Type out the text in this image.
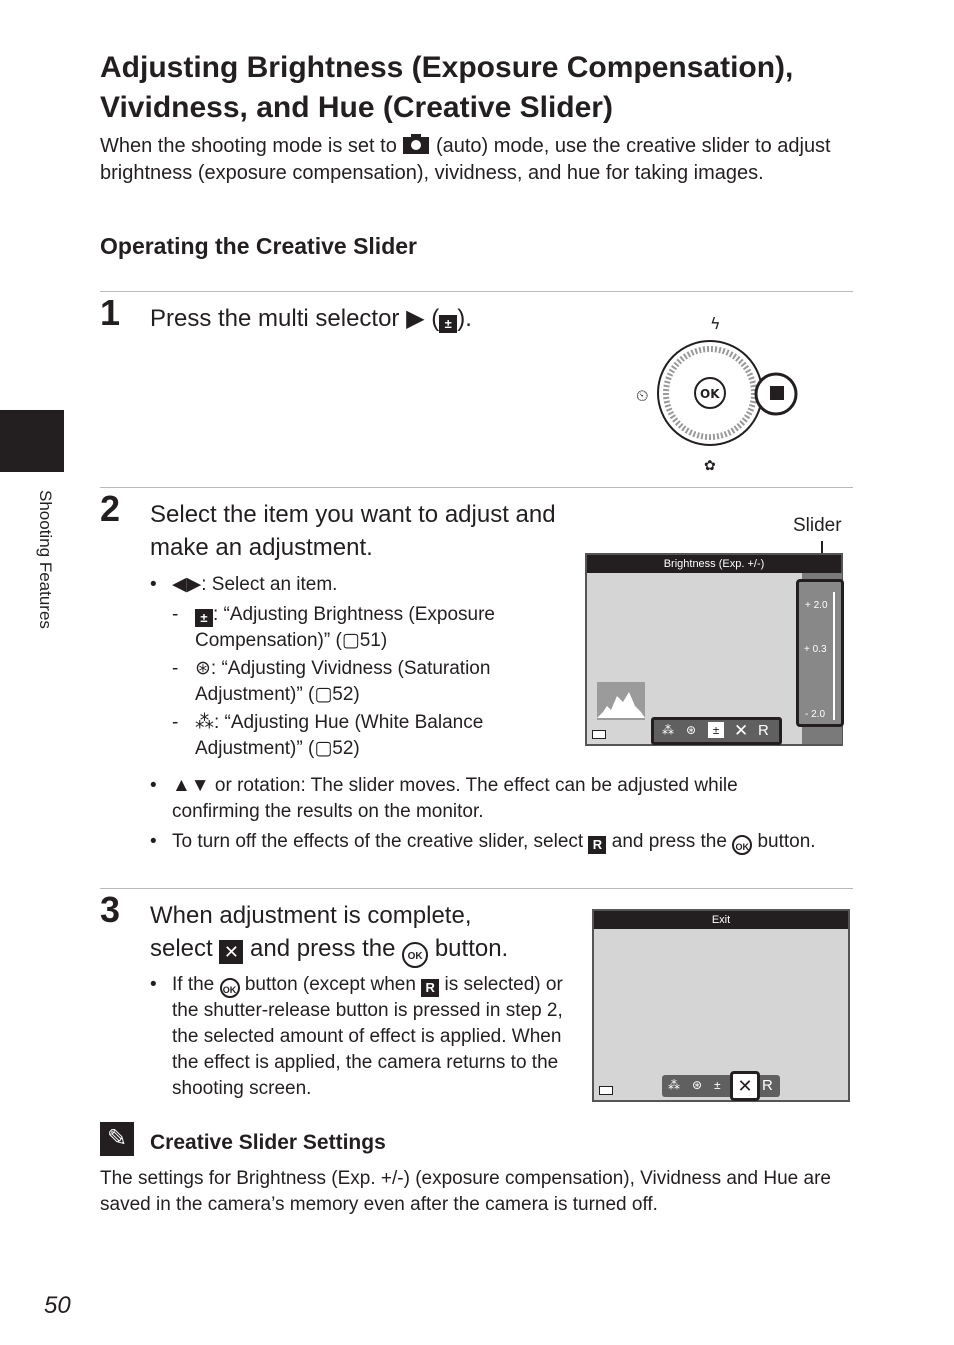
Adjusting Brightness (Exposure Compensation),
Vividness, and Hue (Creative Slider)
When the shooting mode is set to (auto) mode, use the creative slider to adjust brightness (exposure compensation), vividness, and hue for taking images.
Operating the Creative Slider
1 Press the multi selector ▶ ( ± ).	ϟ
OK
⏲
✿
2 Select the item you want to adjust and make an adjustment.
• ◀▶: Select an item.
- ± : “Adjusting Brightness (Exposure Compensation)” (▢51)
- ⊛: “Adjusting Vividness (Saturation Adjustment)” (▢52)
- ⁂: “Adjusting Hue (White Balance Adjustment)” (▢52)
Slider
Brightness (Exp. +/-)
+ 2.0
+ 0.3
- 2.0
⁂ ⊛	± ✕ R
• ▲▼ or rotation: The slider moves. The effect can be adjusted while confirming the results on the monitor.
• To turn off the effects of the creative slider, select R and press the OK button.
3 When adjustment is complete,
select ✕ and press the OK button.
• If the OK button (except when R is selected) or the shutter-release button is pressed in step 2, the selected amount of effect is applied. When the effect is applied, the camera returns to the shooting screen.
Exit
⁂ ⊛ ±	R
✕
✎	Creative Slider Settings
The settings for Brightness (Exp. +/-) (exposure compensation), Vividness and Hue are saved in the camera’s memory even after the camera is turned off.
Shooting Features
50
